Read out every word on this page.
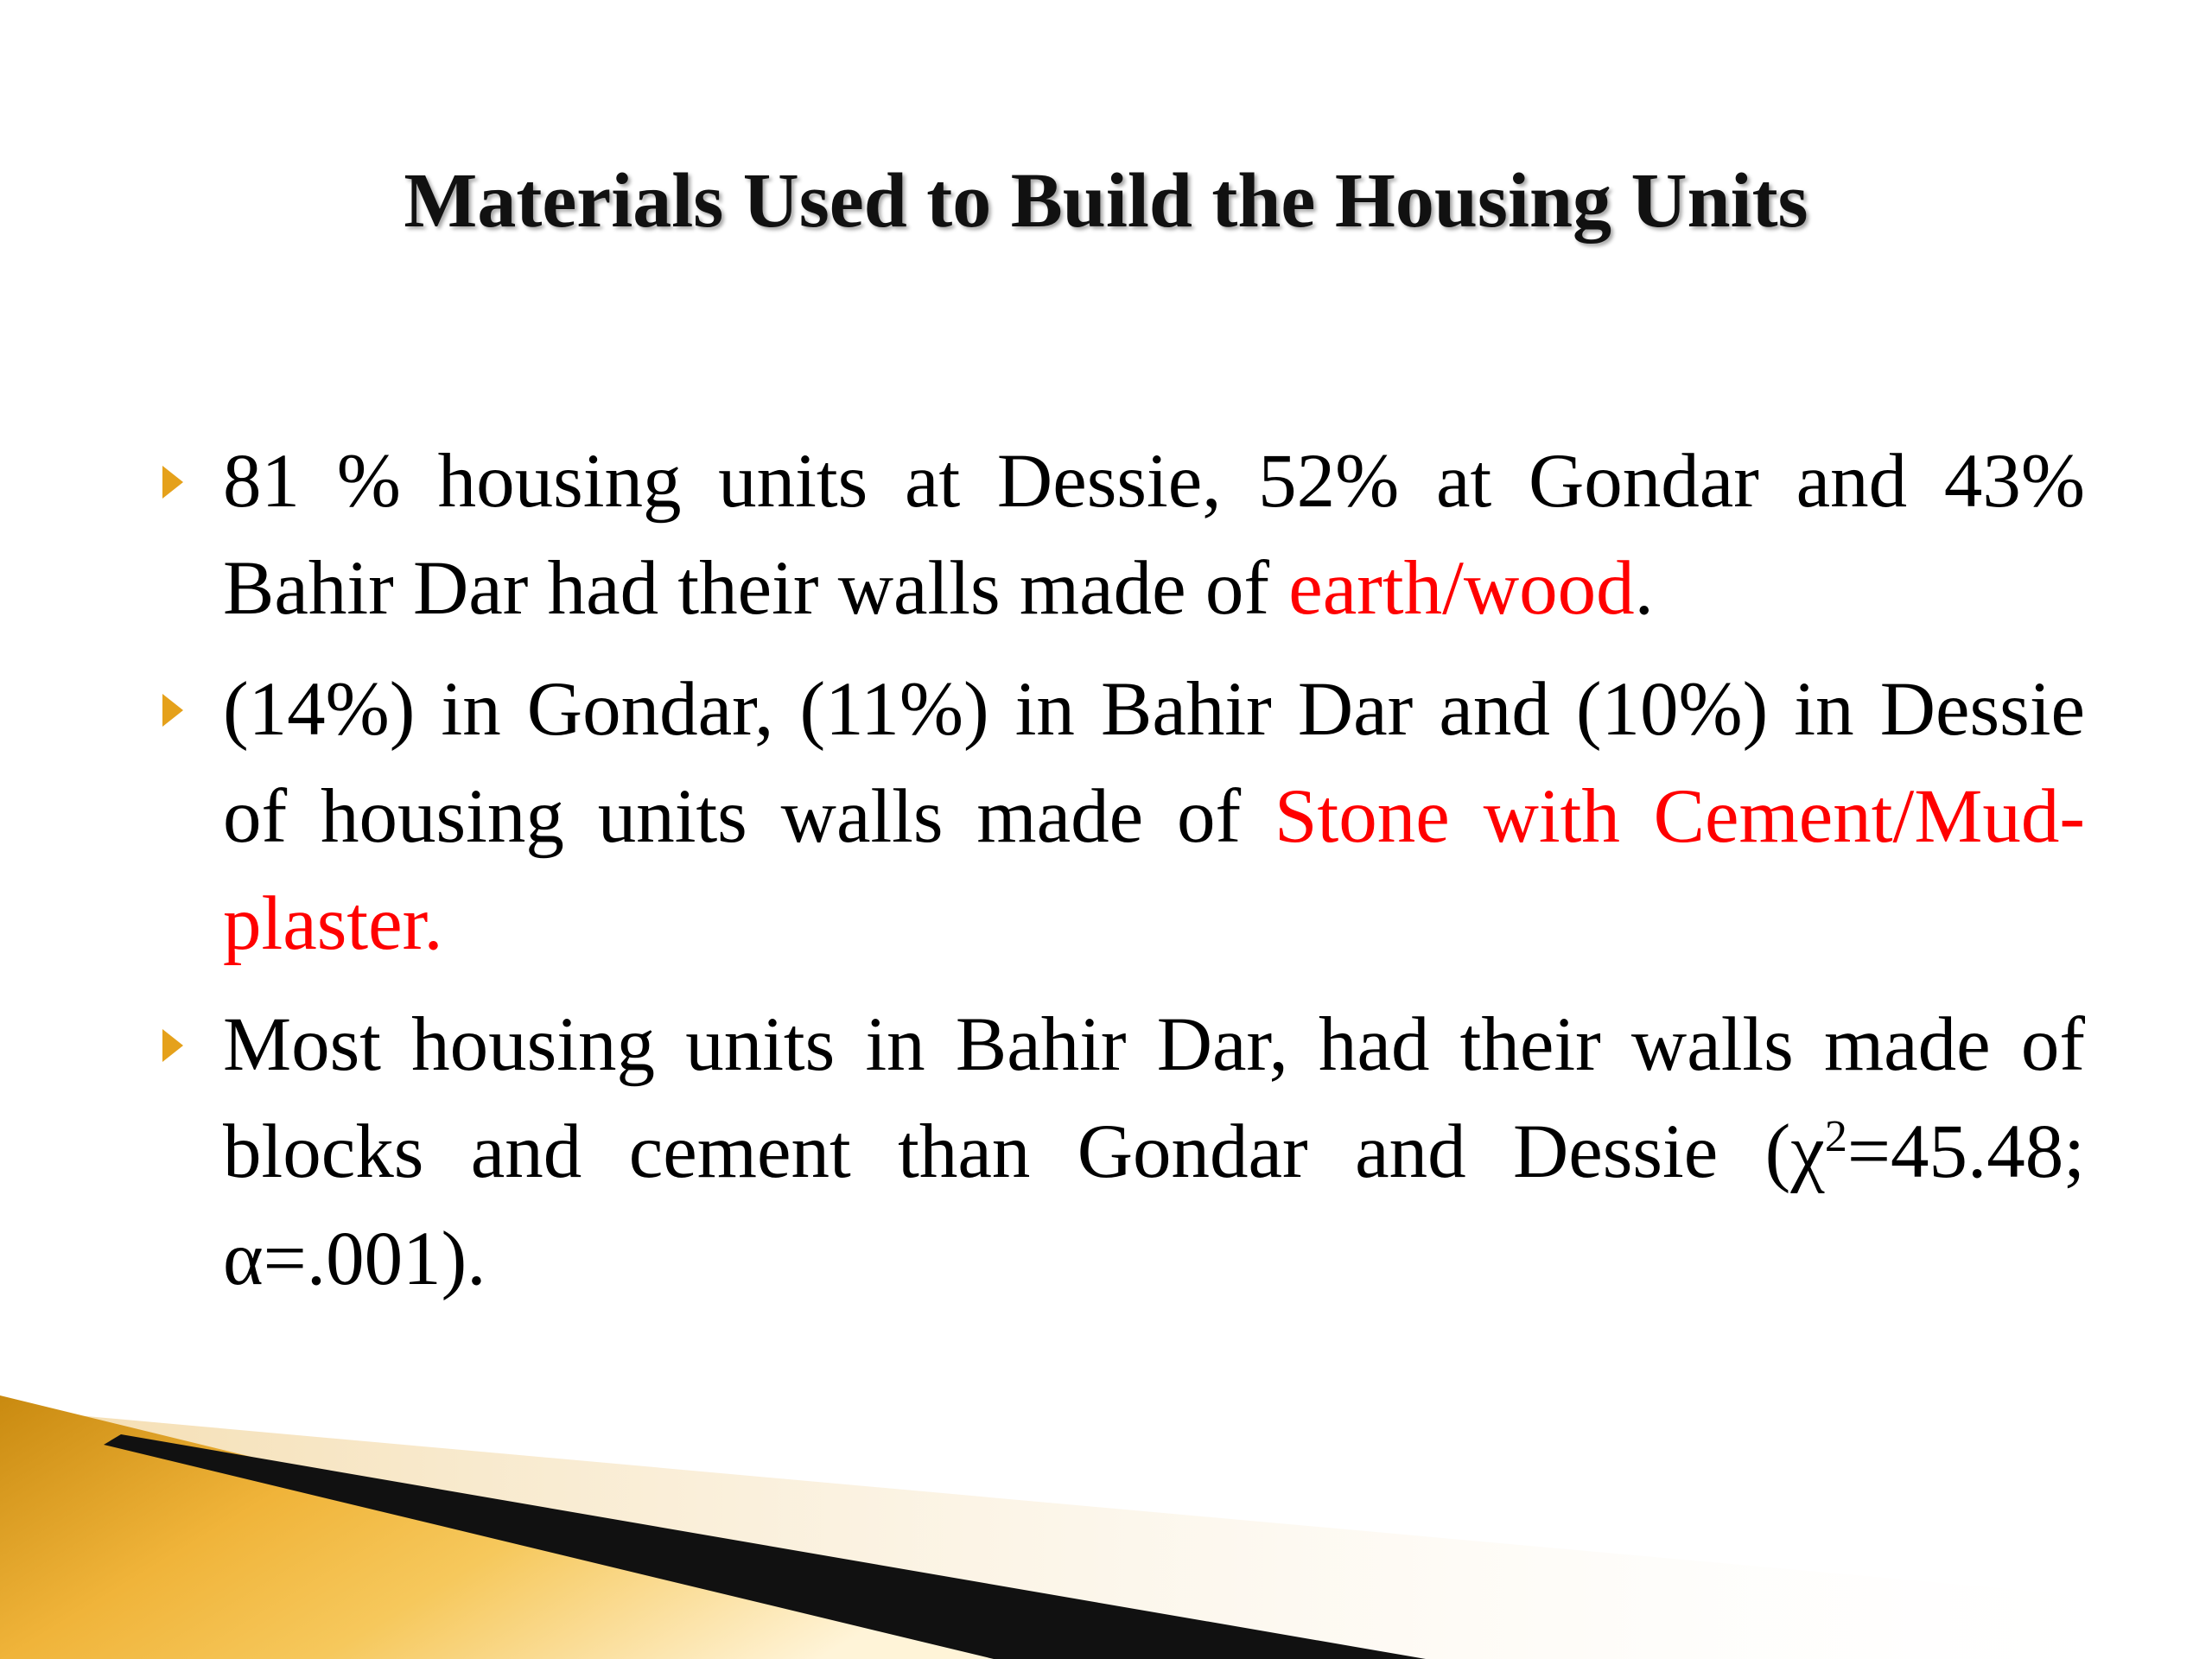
Materials Used to Build the Housing Units
81 % housing units at Dessie, 52% at Gondar and 43% Bahir Dar had their walls made of earth/wood.
(14%) in Gondar, (11%) in Bahir Dar and (10%) in Dessie of housing units walls made of Stone with Cement/Mud-plaster.
Most housing units in Bahir Dar, had their walls made of blocks and cement than Gondar and Dessie ($\chi^2=45.48$; α=.001).
